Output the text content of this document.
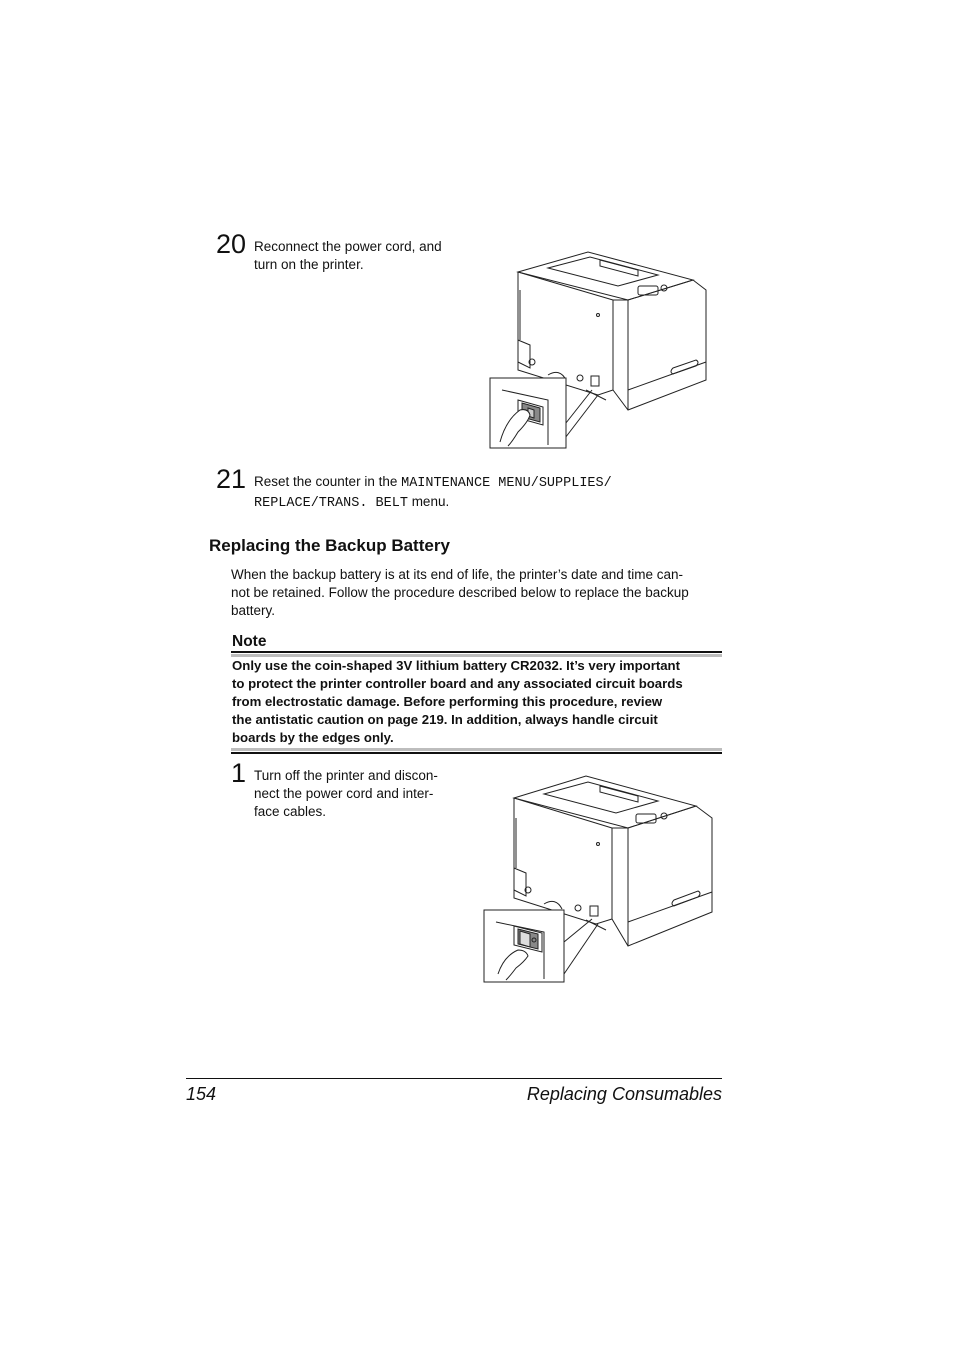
20 Reconnect the power cord, and
turn on the printer.
21 Reset the counter in the MAINTENANCE MENU/SUPPLIES/
REPLACE/TRANS. BELT menu.
Replacing the Backup Battery
When the backup battery is at its end of life, the printer’s date and time can-
not be retained. Follow the procedure described below to replace the backup
battery.
Note
Only use the coin-shaped 3V lithium battery CR2032. It’s very important
to protect the printer controller board and any associated circuit boards
from electrostatic damage. Before performing this procedure, review
the antistatic caution on page 219. In addition, always handle circuit
boards by the edges only.
1 Turn off the printer and discon-
nect the power cord and inter-
face cables.
154	Replacing Consumables
